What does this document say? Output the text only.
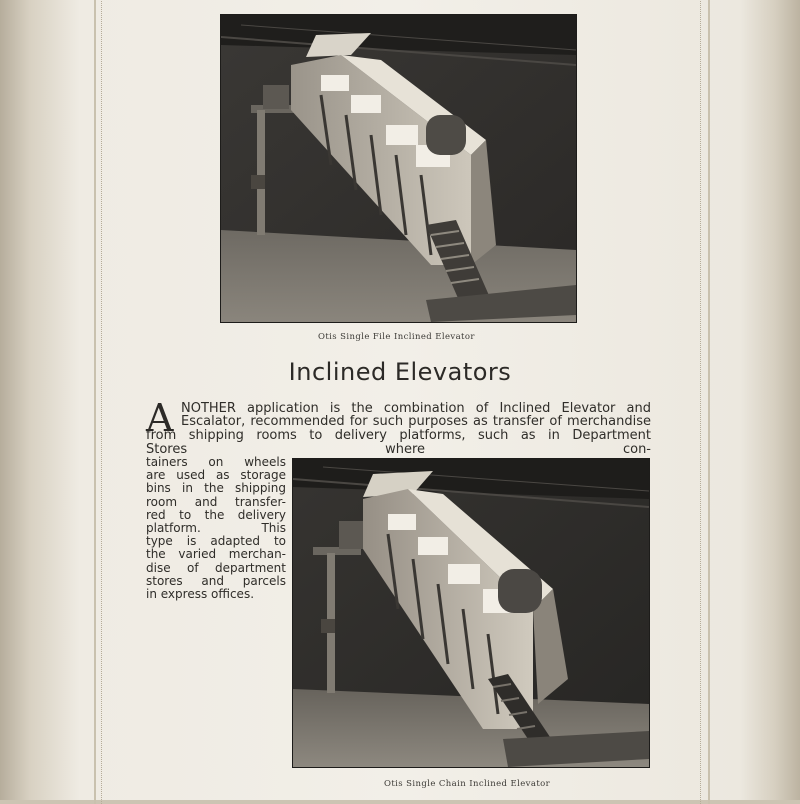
Otis Single File Inclined Elevator
Inclined Elevators
A NOTHER application is the combination of Inclined Elevator and
Escalator, recommended for such purposes as transfer of merchandise
from shipping rooms to delivery platforms, such as in Department
Stores where con-
tainers on wheels
are used as storage
bins in the shipping
room and transfer-
red to the delivery
platform. This
type is adapted to
the varied merchan-
dise of department
stores and parcels
in express offices.
Otis Single Chain Inclined Elevator
